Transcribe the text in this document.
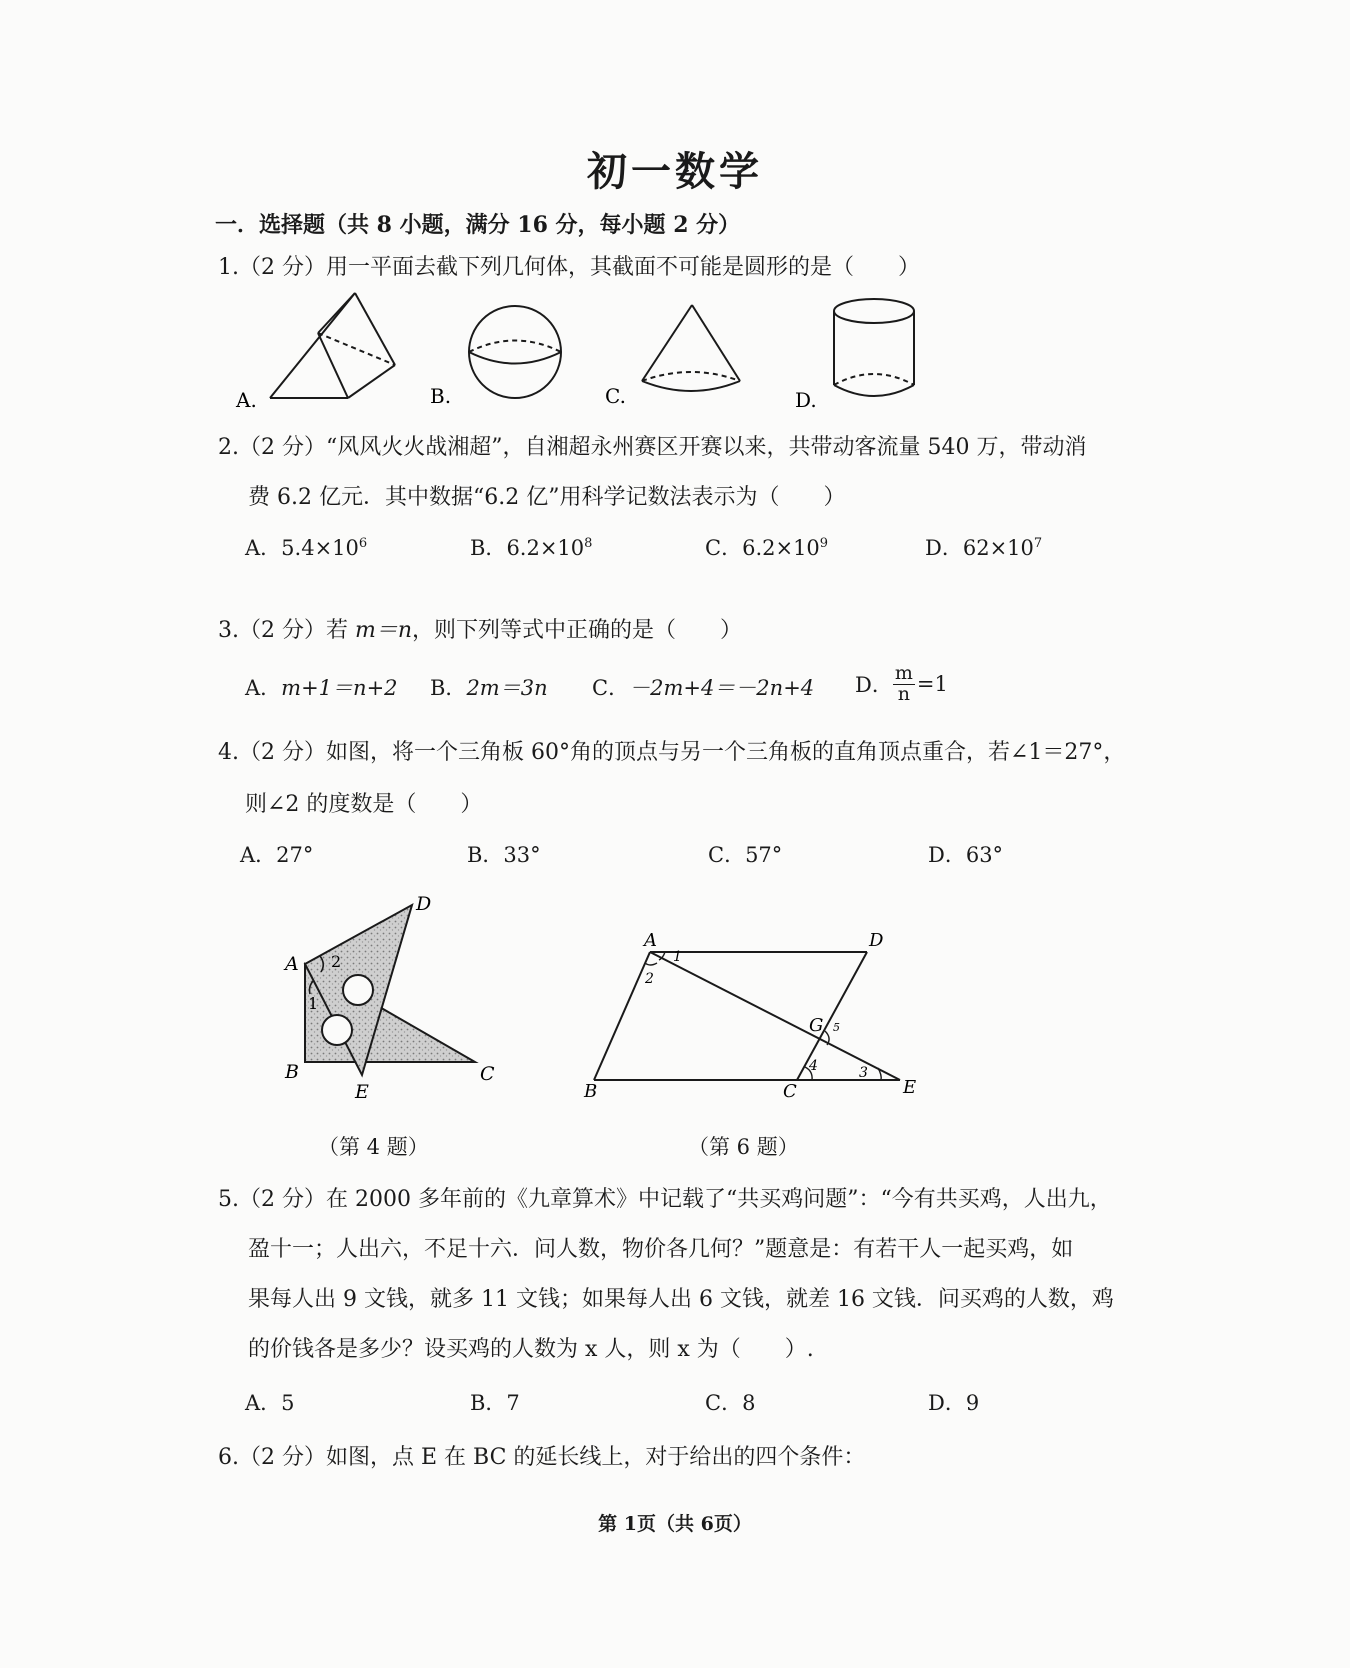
初一数学
一．选择题（共 8 小题，满分 16 分，每小题 2 分）
1.（2 分）用一平面去截下列几何体，其截面不可能是圆形的是（　　）
A.	B.	C.	D.
2.（2 分）“风风火火战湘超”，自湘超永州赛区开赛以来，共带动客流量 540 万，带动消
费 6.2 亿元．其中数据“6.2 亿”用科学记数法表示为（　　）
A．$5.4\times 10^6$	B．$6.2\times 10^8$	C．$6.2\times 10^9$	D．$62\times 10^7$
3.（2 分）若 m＝n，则下列等式中正确的是（　　）
A．m+1＝n+2 B．2m＝3n C．－2m+4＝－2n+4 D． $\frac{m}{n} =1$
4.（2 分）如图，将一个三角板 60°角的顶点与另一个三角板的直角顶点重合，若∠1＝27°，
则∠2 的度数是（　　）
A．27°	B．33°	C．57°	D．63°
A
B	C
D
E
1
2
A	D
B	C	E
G
1
2
3
4
5
（第 4 题）	（第 6 题）
5.（2 分）在 2000 多年前的《九章算术》中记载了“共买鸡问题”：“今有共买鸡，人出九，
盈十一；人出六，不足十六．问人数，物价各几何？”题意是：有若干人一起买鸡，如
果每人出 9 文钱，就多 11 文钱；如果每人出 6 文钱，就差 16 文钱．问买鸡的人数，鸡
的价钱各是多少？设买鸡的人数为 x 人，则 x 为（　　）.
A．5	B．7	C．8	D．9
6.（2 分）如图，点 E 在 BC 的延长线上，对于给出的四个条件：
第 1页（共 6页）
